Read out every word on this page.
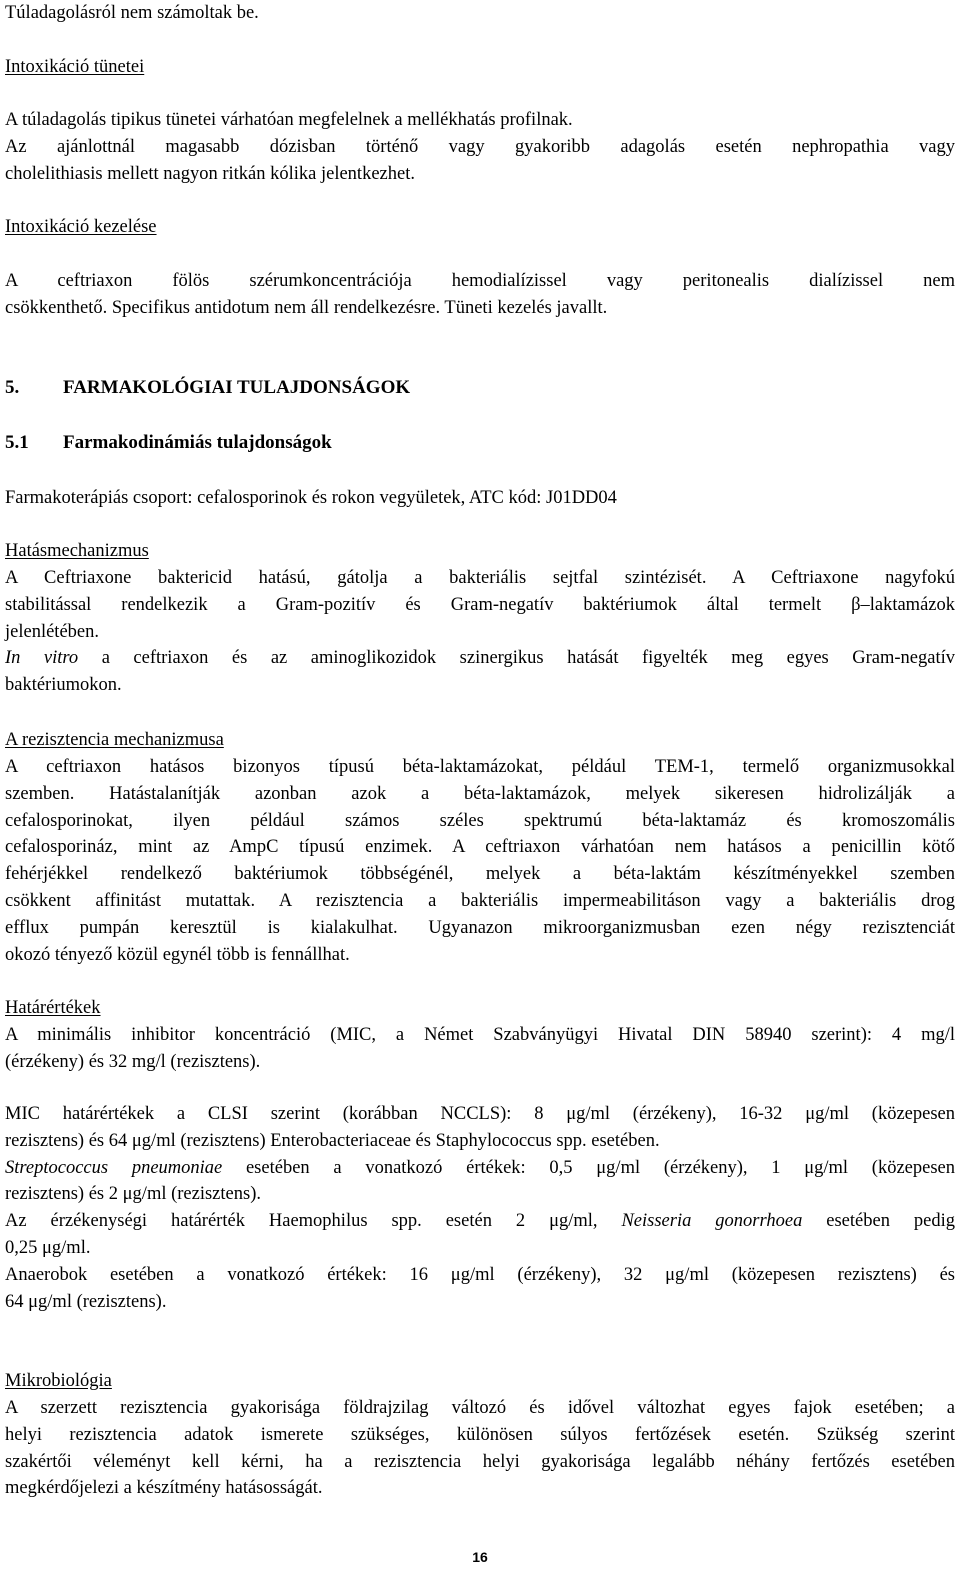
Túladagolásról nem számoltak be.

Intoxikáció tünetei

A túladagolás tipikus tünetei várhatóan megfelelnek a mellékhatás profilnak.
Az ajánlottnál magasabb dózisban történő vagy gyakoribb adagolás esetén nephropathia vagy
cholelithiasis mellett nagyon ritkán kólika jelentkezhet.

Intoxikáció kezelése

A ceftriaxon fölös szérumkoncentrációja hemodialízissel vagy peritonealis dialízissel nem
csökkenthető. Specifikus antidotum nem áll rendelkezésre. Tüneti kezelés javallt.
5. FARMAKOLÓGIAI TULAJDONSÁGOK
5.1 Farmakodinámiás tulajdonságok

Farmakoterápiás csoport: cefalosporinok és rokon vegyületek, ATC kód: J01DD04

Hatásmechanizmus

A Ceftriaxone baktericid hatású, gátolja a bakteriális sejtfal szintézisét. A Ceftriaxone nagyfokú
stabilitással rendelkezik a Gram-pozitív és Gram-negatív baktériumok által termelt β–laktamázok
jelenlétében.
In vitro a ceftriaxon és az aminoglikozidok szinergikus hatását figyelték meg egyes Gram-negatív
baktériumokon.

A rezisztencia mechanizmusa

A ceftriaxon hatásos bizonyos típusú béta-laktamázokat, például TEM-1, termelő organizmusokkal
szemben. Hatástalanítják azonban azok a béta-laktamázok, melyek sikeresen hidrolizálják a
cefalosporinokat, ilyen például számos széles spektrumú béta-laktamáz és kromoszomális
cefalosporináz, mint az AmpC típusú enzimek. A ceftriaxon várhatóan nem hatásos a penicillin kötő
fehérjékkel rendelkező baktériumok többségénél, melyek a béta-laktám készítményekkel szemben
csökkent affinitást mutattak. A rezisztencia a bakteriális impermeabilitáson vagy a bakteriális drog
efflux pumpán keresztül is kialakulhat. Ugyanazon mikroorganizmusban ezen négy rezisztenciát
okozó tényező közül egynél több is fennállhat.

Határértékek

A minimális inhibitor koncentráció (MIC, a Német Szabványügyi Hivatal DIN 58940 szerint): 4 mg/l
(érzékeny) és 32 mg/l (rezisztens).
MIC határértékek a CLSI szerint (korábban NCCLS): 8 μg/ml (érzékeny), 16-32 μg/ml (közepesen
rezisztens) és 64 μg/ml (rezisztens) Enterobacteriaceae és Staphylococcus spp. esetében.
Streptococcus pneumoniae esetében a vonatkozó értékek: 0,5 μg/ml (érzékeny), 1 μg/ml (közepesen
rezisztens) és 2 μg/ml (rezisztens).
Az érzékenységi határérték Haemophilus spp. esetén 2 μg/ml, Neisseria gonorrhoea esetében pedig
0,25 μg/ml.
Anaerobok esetében a vonatkozó értékek: 16 μg/ml (érzékeny), 32 μg/ml (közepesen rezisztens) és
64 μg/ml (rezisztens).

Mikrobiológia

A szerzett rezisztencia gyakorisága földrajzilag változó és idővel változhat egyes fajok esetében; a
helyi rezisztencia adatok ismerete szükséges, különösen súlyos fertőzések esetén. Szükség szerint
szakértői véleményt kell kérni, ha a rezisztencia helyi gyakorisága legalább néhány fertőzés esetében
megkérdőjelezi a készítmény hatásosságát.
16
